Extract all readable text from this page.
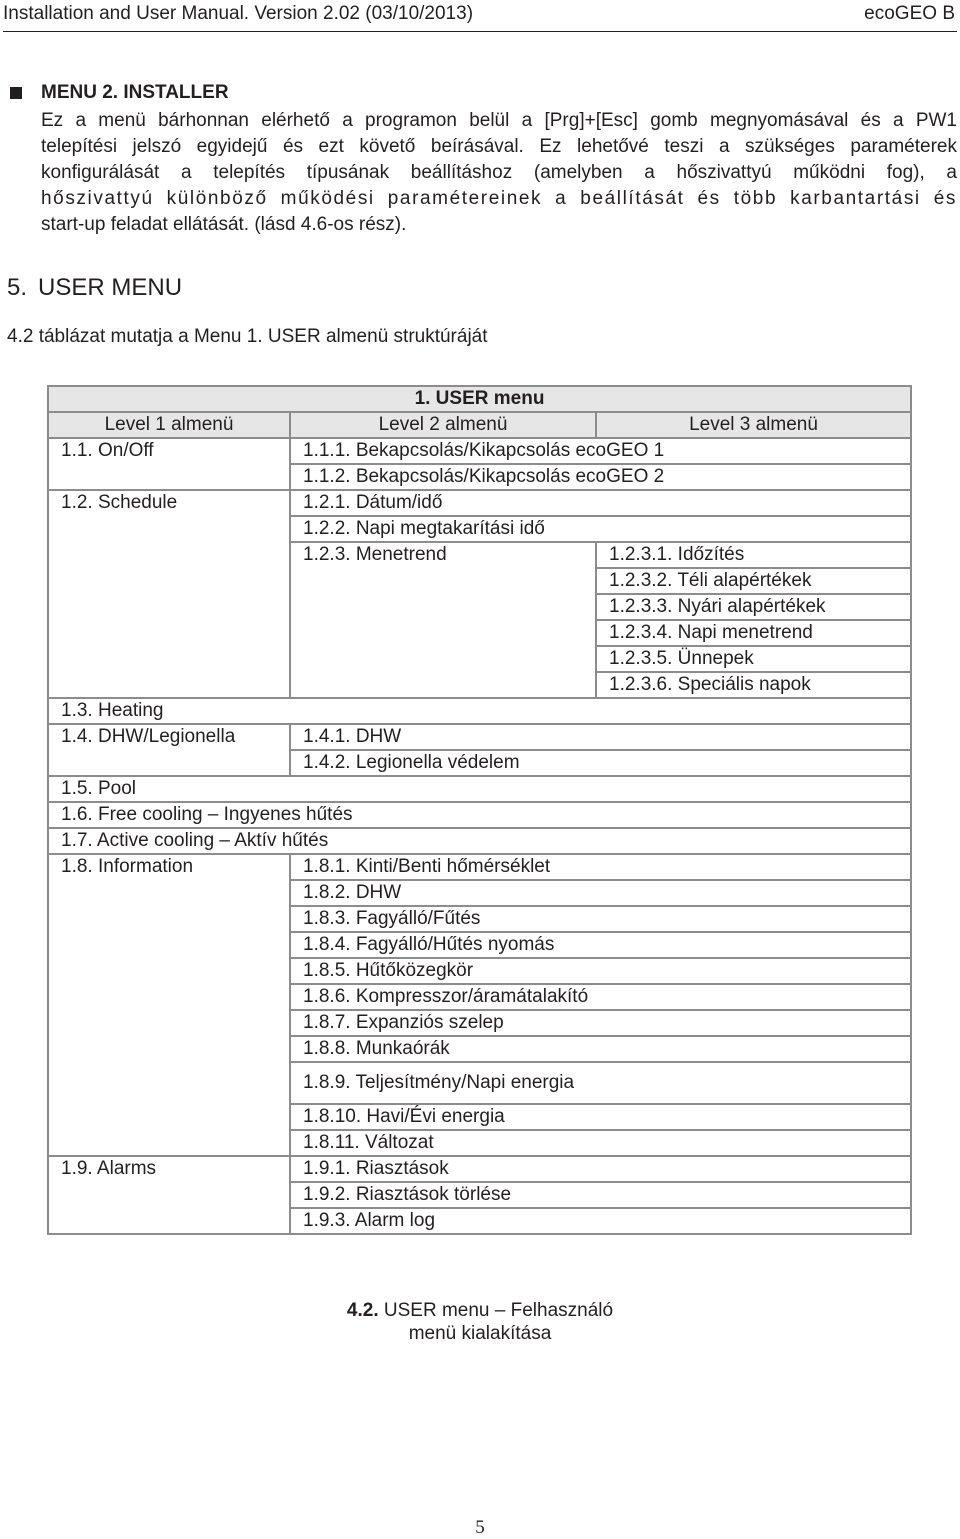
Installation and User Manual. Version 2.02 (03/10/2013)	ecoGEO B
MENU 2. INSTALLER
Ez a menü bárhonnan elérhető a programon belül a [Prg]+[Esc] gomb megnyomásával és a PW1
telepítési jelszó egyidejű és ezt követő beírásával. Ez lehetővé teszi a szükséges paraméterek
konfigurálását a telepítés típusának beállításhoz (amelyben a hőszivattyú működni fog), a
hőszivattyú különböző működési paramétereinek a beállítását és több karbantartási és
start-up feladat ellátását. (lásd 4.6-os rész).
5. USER MENU
4.2 táblázat mutatja a Menu 1. USER almenü struktúráját
1. USER menu		
Level 1 almenü	Level 2 almenü	Level 3 almenü
1.1. On/Off	1.1.1. Bekapcsolás/Kikapcsolás ecoGEO 1	
	1.1.2. Bekapcsolás/Kikapcsolás ecoGEO 2	
1.2. Schedule	1.2.1. Dátum/idő	
	1.2.2. Napi megtakarítási idő	
	1.2.3. Menetrend	1.2.3.1. Időzítés
		1.2.3.2. Téli alapértékek
		1.2.3.3. Nyári alapértékek
		1.2.3.4. Napi menetrend
		1.2.3.5. Ünnepek
		1.2.3.6. Speciális napok
1.3. Heating		
1.4. DHW/Legionella	1.4.1. DHW	
	1.4.2. Legionella védelem	
1.5. Pool		
1.6. Free cooling – Ingyenes hűtés		
1.7. Active cooling – Aktív hűtés		
1.8. Information	1.8.1. Kinti/Benti hőmérséklet	
	1.8.2. DHW	
	1.8.3. Fagyálló/Fűtés	
	1.8.4. Fagyálló/Hűtés nyomás	
	1.8.5. Hűtőközegkör	
	1.8.6. Kompresszor/áramátalakító	
	1.8.7. Expanziós szelep	
	1.8.8. Munkaórák	
	1.8.9. Teljesítmény/Napi energia	
	1.8.10. Havi/Évi energia	
	1.8.11. Változat	
1.9. Alarms	1.9.1. Riasztások	
	1.9.2. Riasztások törlése	
	1.9.3. Alarm log	
4.2. USER menu – Felhasználó
menü kialakítása
5
